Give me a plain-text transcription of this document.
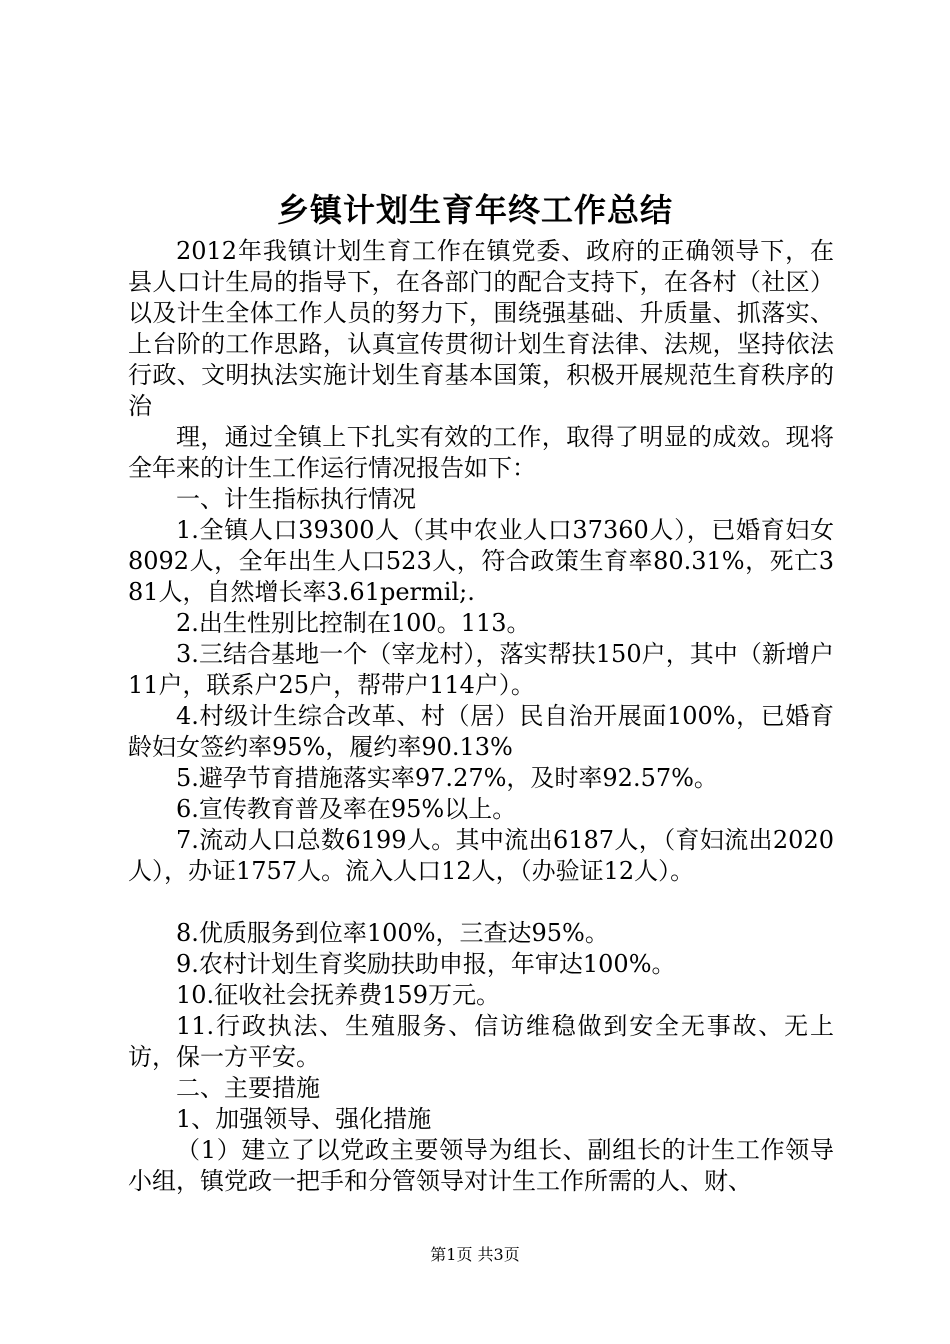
乡镇计划生育年终工作总结

2012年我镇计划生育工作在镇党委、政府的正确领导下，在县人口计生局的指导下，在各部门的配合支持下，在各村（社区）以及计生全体工作人员的努力下，围绕强基础、升质量、抓落实、上台阶的工作思路，认真宣传贯彻计划生育法律、法规，坚持依法行政、文明执法实施计划生育基本国策，积极开展规范生育秩序的治

理，通过全镇上下扎实有效的工作，取得了明显的成效。现将全年来的计生工作运行情况报告如下：

一、计生指标执行情况

1.全镇人口39300人（其中农业人口37360人），已婚育妇女8092人，全年出生人口523人，符合政策生育率80.31%，死亡381人，自然增长率3.61permil;.

2.出生性别比控制在100。113。

3.三结合基地一个（宰龙村），落实帮扶150户，其中（新增户11户，联系户25户，帮带户114户）。

4.村级计生综合改革、村（居）民自治开展面100%，已婚育龄妇女签约率95%，履约率90.13%

5.避孕节育措施落实率97.27%，及时率92.57%。

6.宣传教育普及率在95%以上。

7.流动人口总数6199人。其中流出6187人，（育妇流出2020人），办证1757人。流入人口12人，（办验证12人）。

8.优质服务到位率100%，三查达95%。

9.农村计划生育奖励扶助申报，年审达100%。

10.征收社会抚养费159万元。

11.行政执法、生殖服务、信访维稳做到安全无事故、无上访，保一方平安。

二、主要措施

1、加强领导、强化措施

（1）建立了以党政主要领导为组长、副组长的计生工作领导小组，镇党政一把手和分管领导对计生工作所需的人、财、

第1页 共3页
